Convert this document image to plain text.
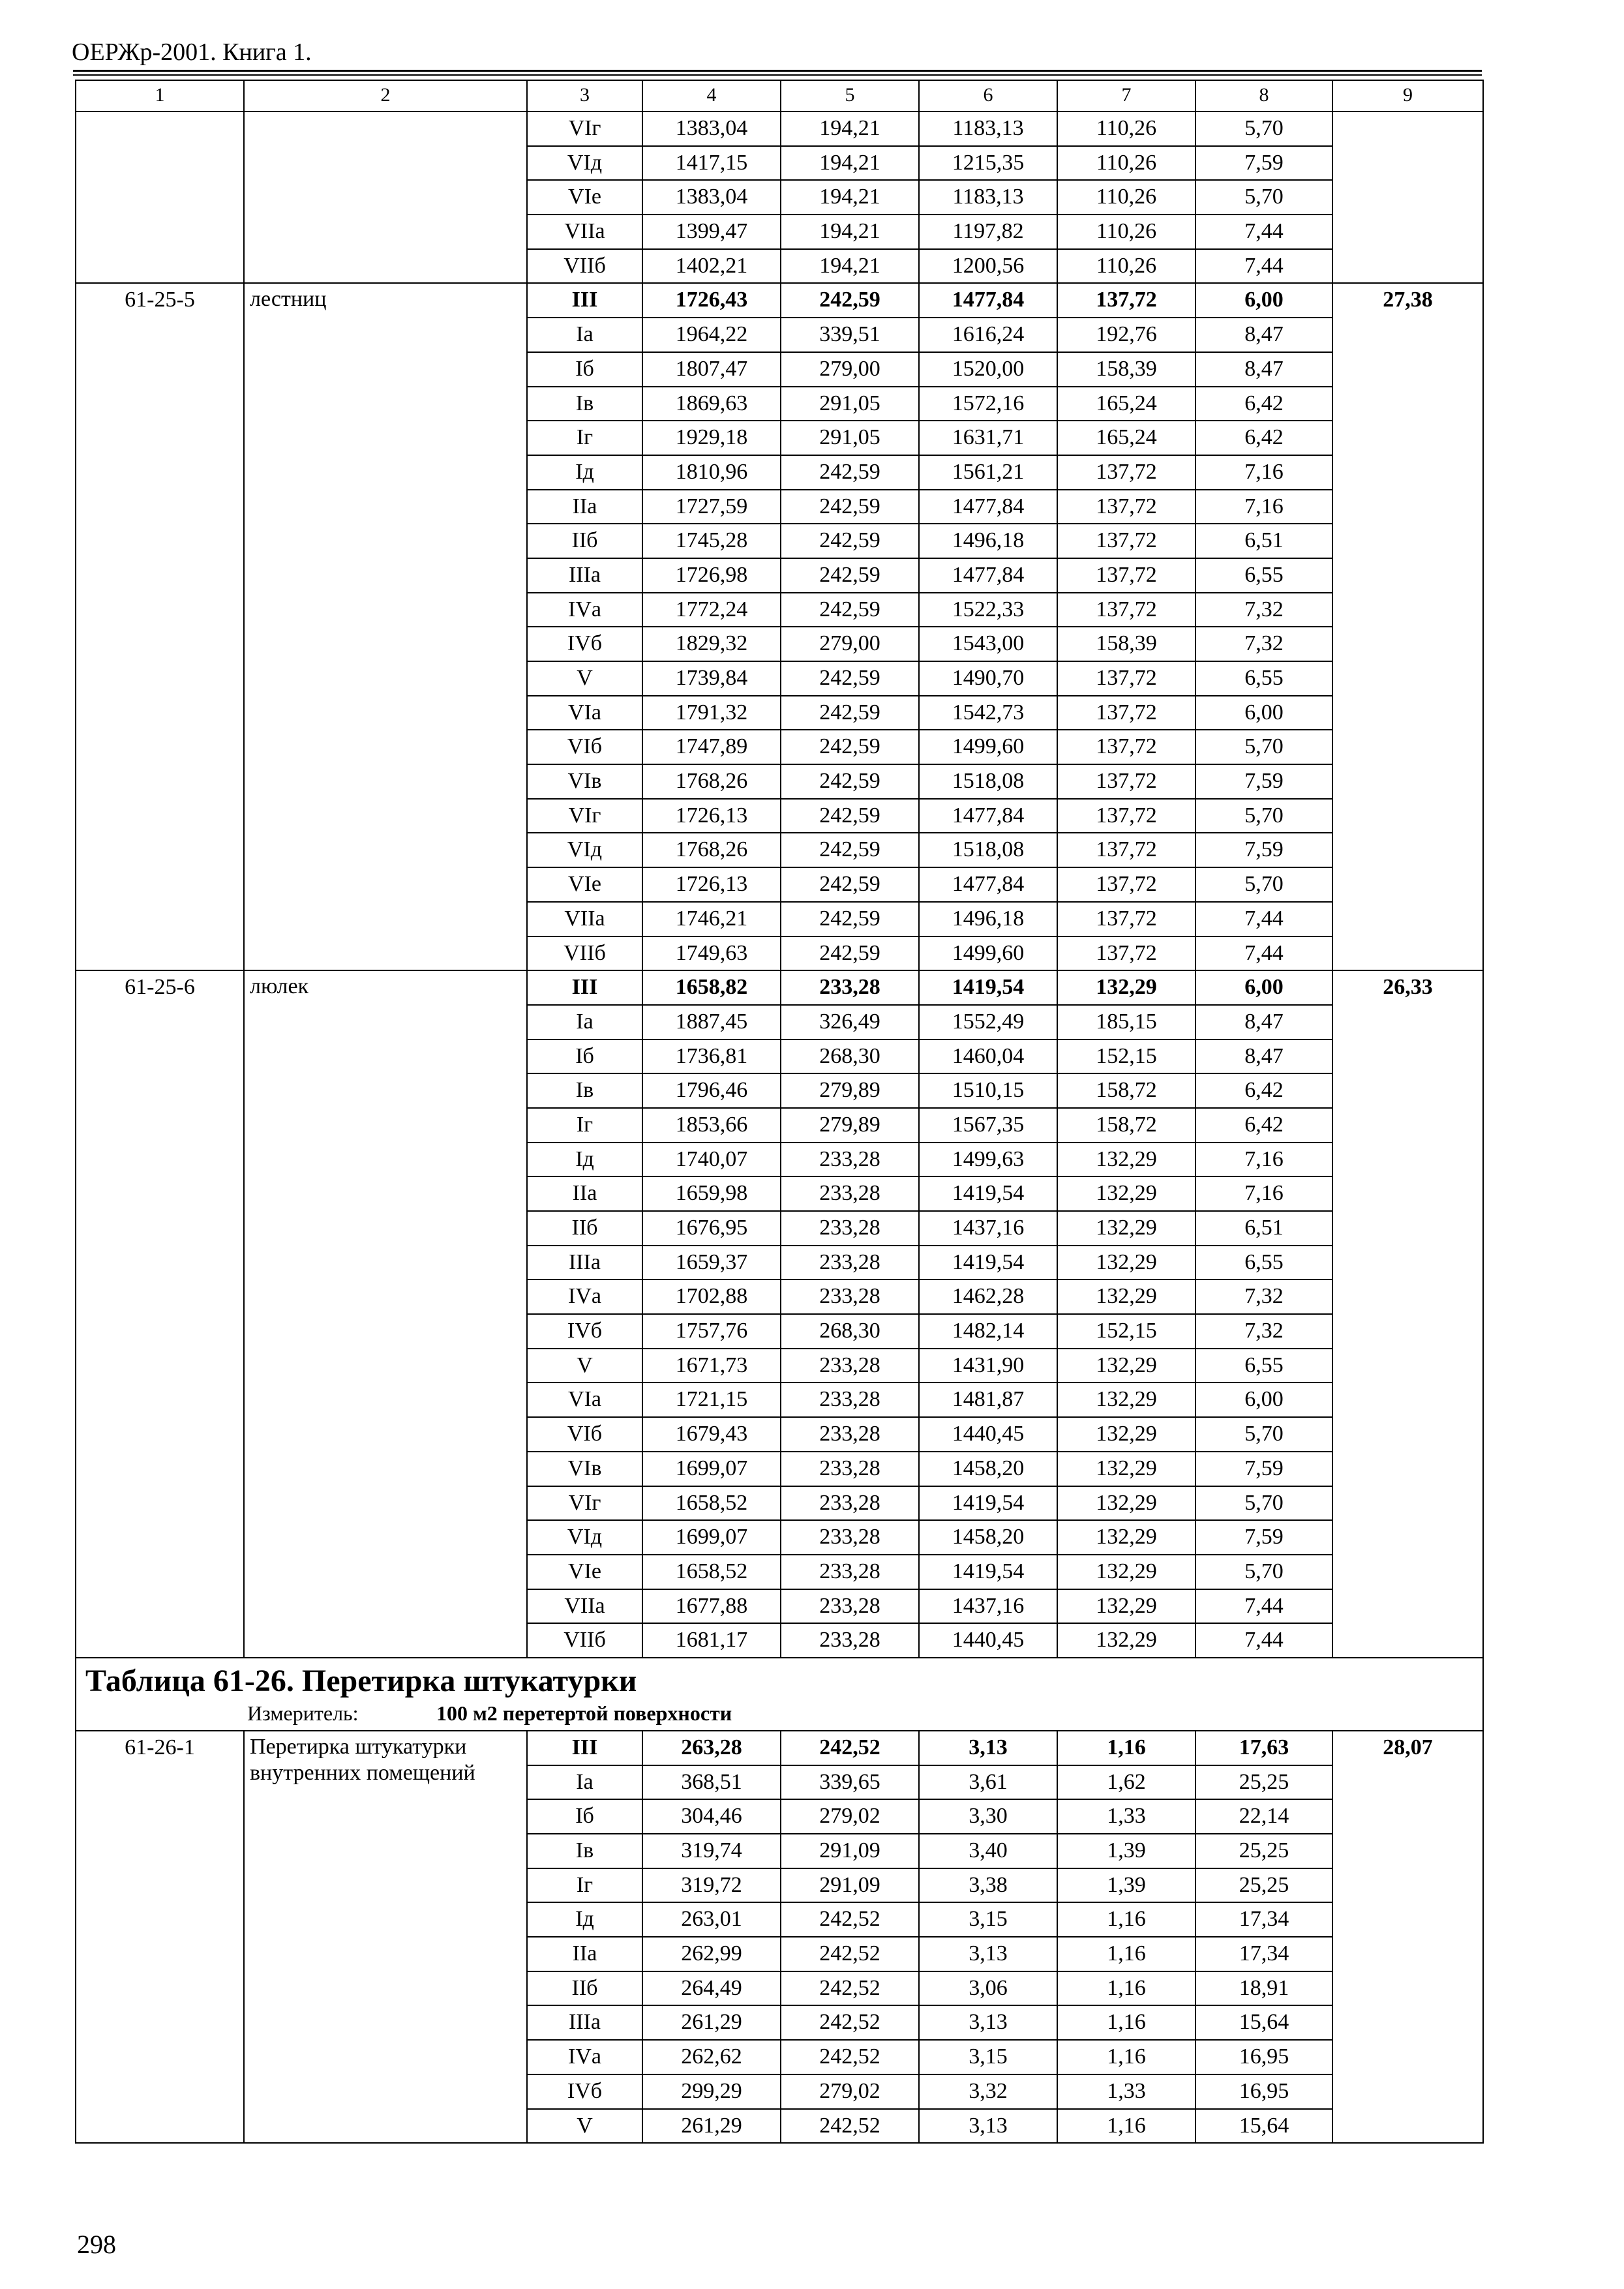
ОЕРЖр-2001. Книга 1.
1	2	3	4	5	6	7	8	9
		VIг	1383,04	194,21	1183,13	110,26	5,70	
		VIд	1417,15	194,21	1215,35	110,26	7,59	
		VIе	1383,04	194,21	1183,13	110,26	5,70	
		VIIа	1399,47	194,21	1197,82	110,26	7,44	
		VIIб	1402,21	194,21	1200,56	110,26	7,44	
61-25-5	лестниц	III	1726,43	242,59	1477,84	137,72	6,00	27,38
		Iа	1964,22	339,51	1616,24	192,76	8,47	
		Iб	1807,47	279,00	1520,00	158,39	8,47	
		Iв	1869,63	291,05	1572,16	165,24	6,42	
		Iг	1929,18	291,05	1631,71	165,24	6,42	
		Iд	1810,96	242,59	1561,21	137,72	7,16	
		IIа	1727,59	242,59	1477,84	137,72	7,16	
		IIб	1745,28	242,59	1496,18	137,72	6,51	
		IIIа	1726,98	242,59	1477,84	137,72	6,55	
		IVа	1772,24	242,59	1522,33	137,72	7,32	
		IVб	1829,32	279,00	1543,00	158,39	7,32	
		V	1739,84	242,59	1490,70	137,72	6,55	
		VIа	1791,32	242,59	1542,73	137,72	6,00	
		VIб	1747,89	242,59	1499,60	137,72	5,70	
		VIв	1768,26	242,59	1518,08	137,72	7,59	
		VIг	1726,13	242,59	1477,84	137,72	5,70	
		VIд	1768,26	242,59	1518,08	137,72	7,59	
		VIе	1726,13	242,59	1477,84	137,72	5,70	
		VIIа	1746,21	242,59	1496,18	137,72	7,44	
		VIIб	1749,63	242,59	1499,60	137,72	7,44	
61-25-6	люлек	III	1658,82	233,28	1419,54	132,29	6,00	26,33
		Iа	1887,45	326,49	1552,49	185,15	8,47	
		Iб	1736,81	268,30	1460,04	152,15	8,47	
		Iв	1796,46	279,89	1510,15	158,72	6,42	
		Iг	1853,66	279,89	1567,35	158,72	6,42	
		Iд	1740,07	233,28	1499,63	132,29	7,16	
		IIа	1659,98	233,28	1419,54	132,29	7,16	
		IIб	1676,95	233,28	1437,16	132,29	6,51	
		IIIа	1659,37	233,28	1419,54	132,29	6,55	
		IVа	1702,88	233,28	1462,28	132,29	7,32	
		IVб	1757,76	268,30	1482,14	152,15	7,32	
		V	1671,73	233,28	1431,90	132,29	6,55	
		VIа	1721,15	233,28	1481,87	132,29	6,00	
		VIб	1679,43	233,28	1440,45	132,29	5,70	
		VIв	1699,07	233,28	1458,20	132,29	7,59	
		VIг	1658,52	233,28	1419,54	132,29	5,70	
		VIд	1699,07	233,28	1458,20	132,29	7,59	
		VIе	1658,52	233,28	1419,54	132,29	5,70	
		VIIа	1677,88	233,28	1437,16	132,29	7,44	
		VIIб	1681,17	233,28	1440,45	132,29	7,44	

Таблица 61-26. Перетирка штукатурки
Измеритель: 100 м2 перетертой поверхности								

61-26-1	Перетирка штукатурки внутренних помещений	III	263,28	242,52	3,13	1,16	17,63	28,07
		Iа	368,51	339,65	3,61	1,62	25,25	
		Iб	304,46	279,02	3,30	1,33	22,14	
		Iв	319,74	291,09	3,40	1,39	25,25	
		Iг	319,72	291,09	3,38	1,39	25,25	
		Iд	263,01	242,52	3,15	1,16	17,34	
		IIа	262,99	242,52	3,13	1,16	17,34	
		IIб	264,49	242,52	3,06	1,16	18,91	
		IIIа	261,29	242,52	3,13	1,16	15,64	
		IVа	262,62	242,52	3,15	1,16	16,95	
		IVб	299,29	279,02	3,32	1,33	16,95	
		V	261,29	242,52	3,13	1,16	15,64	
298
